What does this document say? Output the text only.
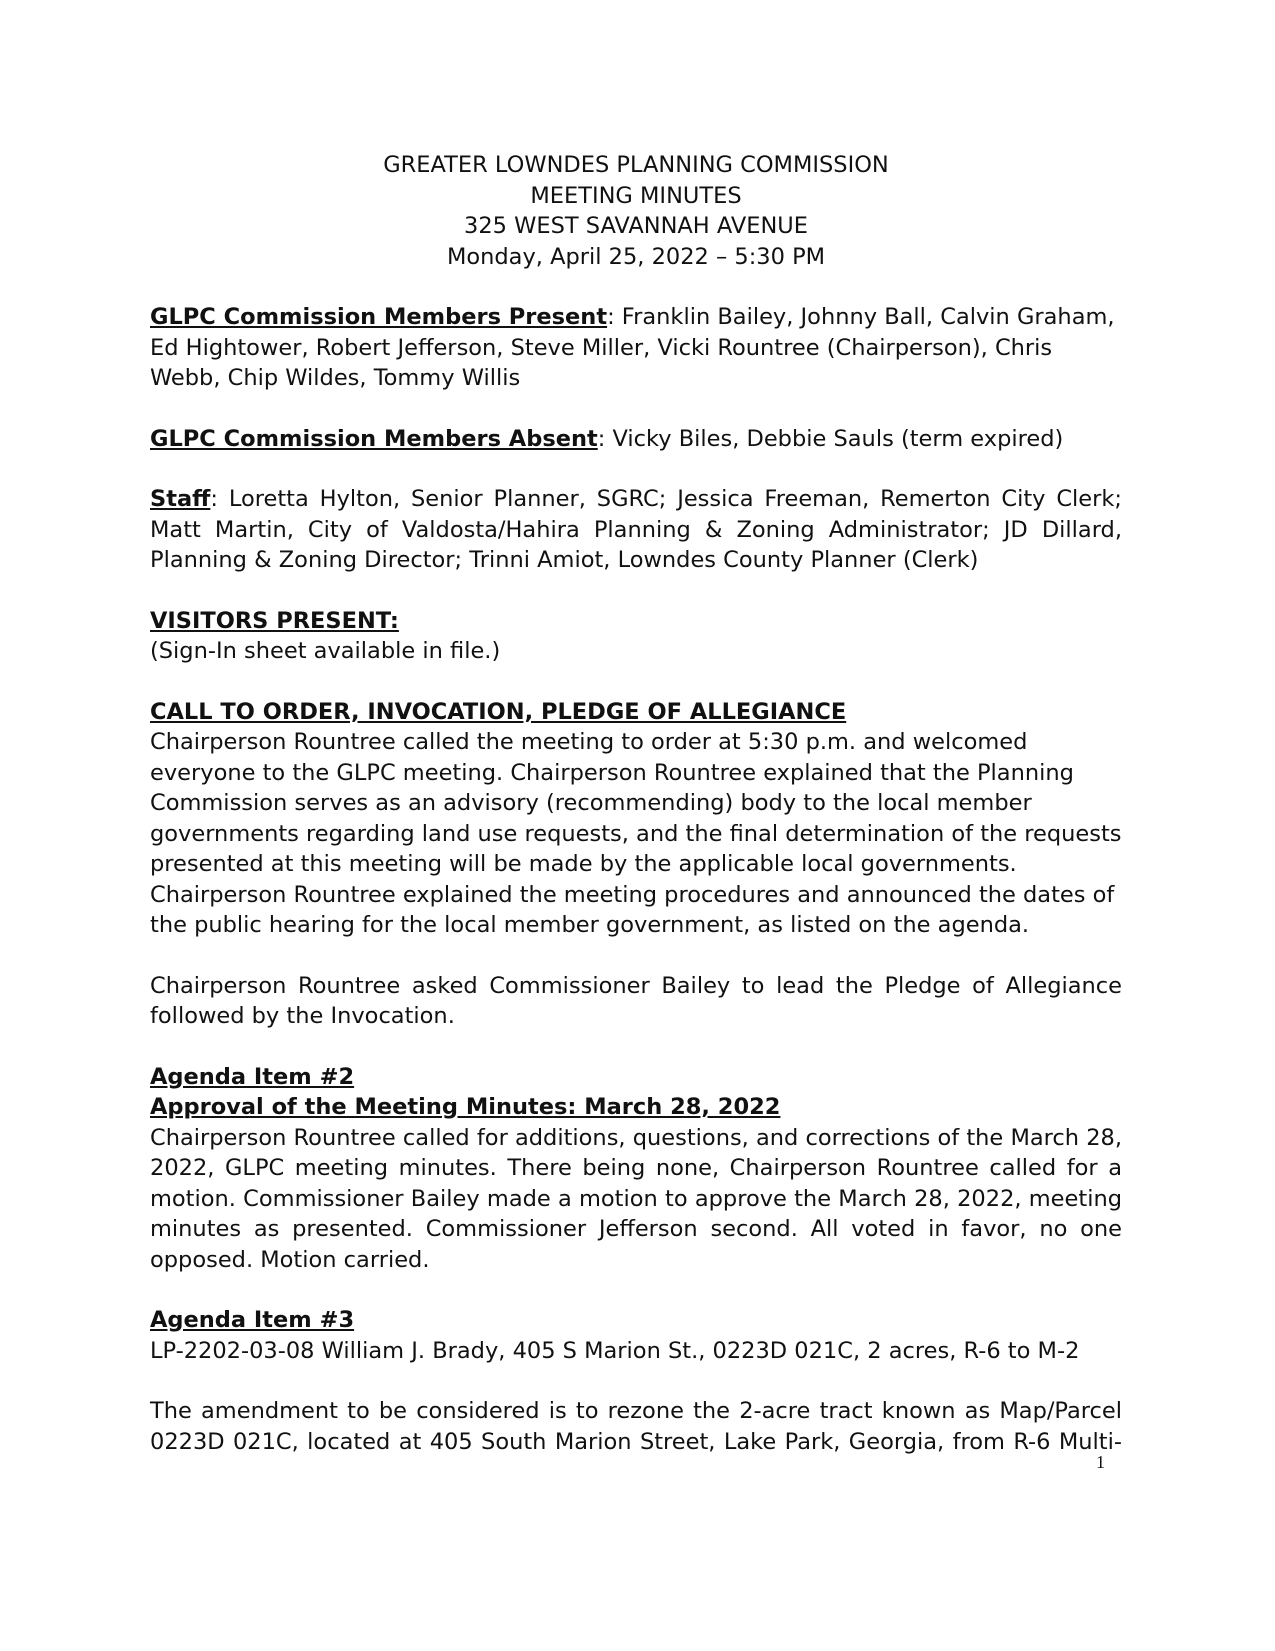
GREATER LOWNDES PLANNING COMMISSION
MEETING MINUTES
325 WEST SAVANNAH AVENUE
Monday, April 25, 2022 – 5:30 PM

GLPC Commission Members Present: Franklin Bailey, Johnny Ball, Calvin Graham, Ed Hightower, Robert Jefferson, Steve Miller, Vicki Rountree (Chairperson), Chris Webb, Chip Wildes, Tommy Willis

GLPC Commission Members Absent: Vicky Biles, Debbie Sauls (term expired)

Staff: Loretta Hylton, Senior Planner, SGRC; Jessica Freeman, Remerton City Clerk; Matt Martin, City of Valdosta/Hahira Planning & Zoning Administrator; JD Dillard, Planning & Zoning Director; Trinni Amiot, Lowndes County Planner (Clerk)

VISITORS PRESENT:
(Sign-In sheet available in file.)
CALL TO ORDER, INVOCATION, PLEDGE OF ALLEGIANCE

Chairperson Rountree called the meeting to order at 5:30 p.m. and welcomed everyone to the GLPC meeting. Chairperson Rountree explained that the Planning Commission serves as an advisory (recommending) body to the local member governments regarding land use requests, and the final determination of the requests presented at this meeting will be made by the applicable local governments. Chairperson Rountree explained the meeting procedures and announced the dates of the public hearing for the local member government, as listed on the agenda.

Chairperson Rountree asked Commissioner Bailey to lead the Pledge of Allegiance followed by the Invocation.

Agenda Item #2
Approval of the Meeting Minutes: March 28, 2022

Chairperson Rountree called for additions, questions, and corrections of the March 28, 2022, GLPC meeting minutes. There being none, Chairperson Rountree called for a motion. Commissioner Bailey made a motion to approve the March 28, 2022, meeting minutes as presented. Commissioner Jefferson second. All voted in favor, no one opposed. Motion carried.

Agenda Item #3
LP-2202-03-08 William J. Brady, 405 S Marion St., 0223D 021C, 2 acres, R-6 to M-2

The amendment to be considered is to rezone the 2-acre tract known as Map/Parcel 0223D 021C, located at 405 South Marion Street, Lake Park, Georgia, from R-6 Multi-

1
